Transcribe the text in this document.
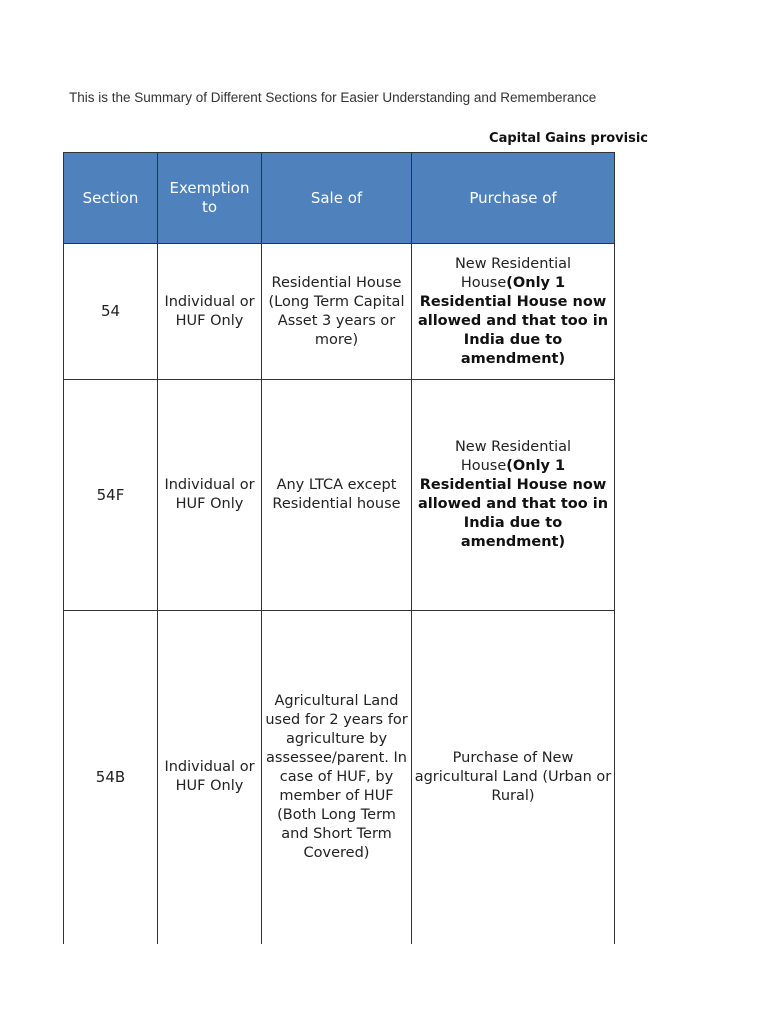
This is the Summary of Different Sections for Easier Understanding and Rememberance
Capital Gains provisic
Section	Exemption to	Sale of	Purchase of
54	Individual or HUF Only	Residential House (Long Term Capital Asset 3 years or more)	New Residential House(Only 1 Residential House now allowed and that too in India due to amendment)
54F	Individual or HUF Only	Any LTCA except Residential house	New Residential House(Only 1 Residential House now allowed and that too in India due to amendment)
54B	Individual or HUF Only	Agricultural Land used for 2 years for agriculture by assessee/parent. In case of HUF, by member of HUF (Both Long Term and Short Term Covered)	Purchase of New agricultural Land (Urban or Rural)
